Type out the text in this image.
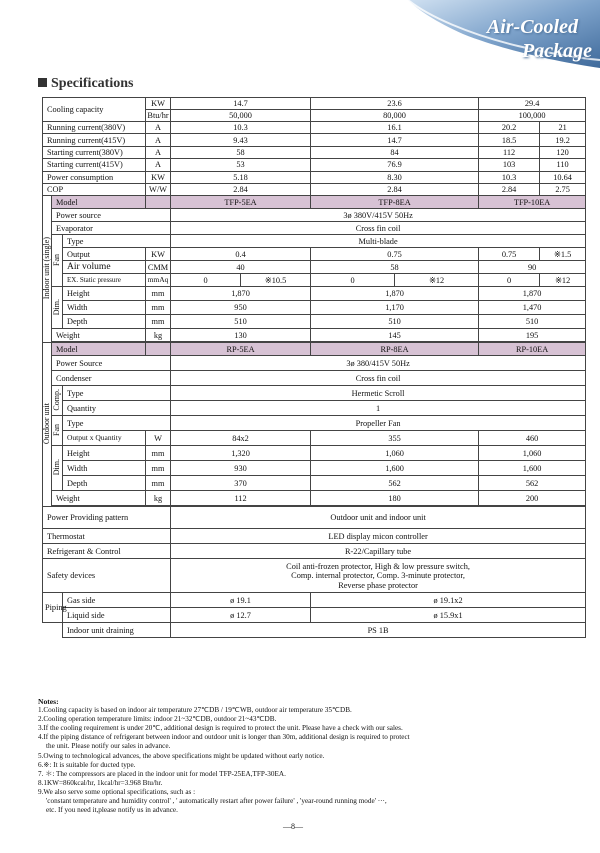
Air-Cooled
Package
Specifications
Cooling capacity			KW	14.7		23.6		29.4	
			Btu/hr	50,000		80,000		100,000	
Running current(380V)			A	10.3		16.1		20.2	21
Running current(415V)			A	9.43		14.7		18.5	19.2
Starting current(380V)			A	58		84		112	120
Starting current(415V)			A	53		76.9		103	110
Power consumption			KW	5.18		8.30		10.3	10.64
COP			W/W	2.84		2.84		2.84	2.75
Indoor unit (single)	Model			TFP-5EA		TFP-8EA		TFP-10EA	
	Power source			3ø 380V/415V 50Hz					
	Evaporator			Cross fin coil					
	Fan	Type		Multi-blade					
		Output	KW	0.4		0.75		0.75	※1.5
		Air volume	CMM	40		58		90	
		EX. Static pressure	mmAq	0	※10.5	0	※12	0	※12
	Dim.	Height	mm	1,870		1,870		1,870	
		Width	mm	950		1,170		1,470	
		Depth	mm	510		510		510	
	Weight		kg	130		145		195	

Outdoor unit	Model			RP-5EA		RP-8EA		RP-10EA	
	Power Source			3ø 380/415V 50Hz					
	Condenser			Cross fin coil					
	Comp.	Type		Hermetic Scroll					
		Quantity		1					
	Fan	Type		Propeller Fan					
		Output x Quantity	W	84x2		355		460	
	Dim.	Height	mm	1,320		1,060		1,060	
		Width	mm	930		1,600		1,600	
		Depth	mm	370		562		562	
	Weight		kg	112		180		200	

Power Providing pattern				Outdoor unit and indoor unit					
Thermostat				LED display micon controller					
Refrigerant & Control				R-22/Capillary tube					
Safety devices				Coil anti-frozen protector, High & low pressure switch,
Comp. internal protector, Comp. 3-minute protector,
Reverse phase protector					

Piping		Gas side		ø 19.1		ø 19.1x2			
		Liquid side		ø 12.7		ø 15.9x1			
		Indoor unit draining		PS 1B					
Notes:
1.Cooling capacity is based on indoor air temperature 27℃DB / 19℃WB, outdoor air temperature 35℃DB.
2.Cooling operation temperature limits: indoor 21~32℃DB, outdoor 21~43℃DB.
3.If the cooling requirement is under 20℃, additional design is required to protect the unit. Please have a check with our sales.
4.If the piping distance of refrigerant between indoor and outdoor unit is longer than 30m, additional design is required to protect
the unit. Please notify our sales in advance.
5.Owing to technological advances, the above specifications might be updated without early notice.
6.※: It is suitable for ducted type.
7. ＊: The compressors are placed in the indoor unit for model TFP-25EA,TFP-30EA.
8.1KW=860kcal/hr, 1kcal/hr=3.968 Btu/hr.
9.We also serve some optional specifications, such as :
'constant temperature and humidity control' , ' automatically restart after power failure' , 'year-round running mode' ···,
etc. If you need it,please notify us in advance.
—8—
